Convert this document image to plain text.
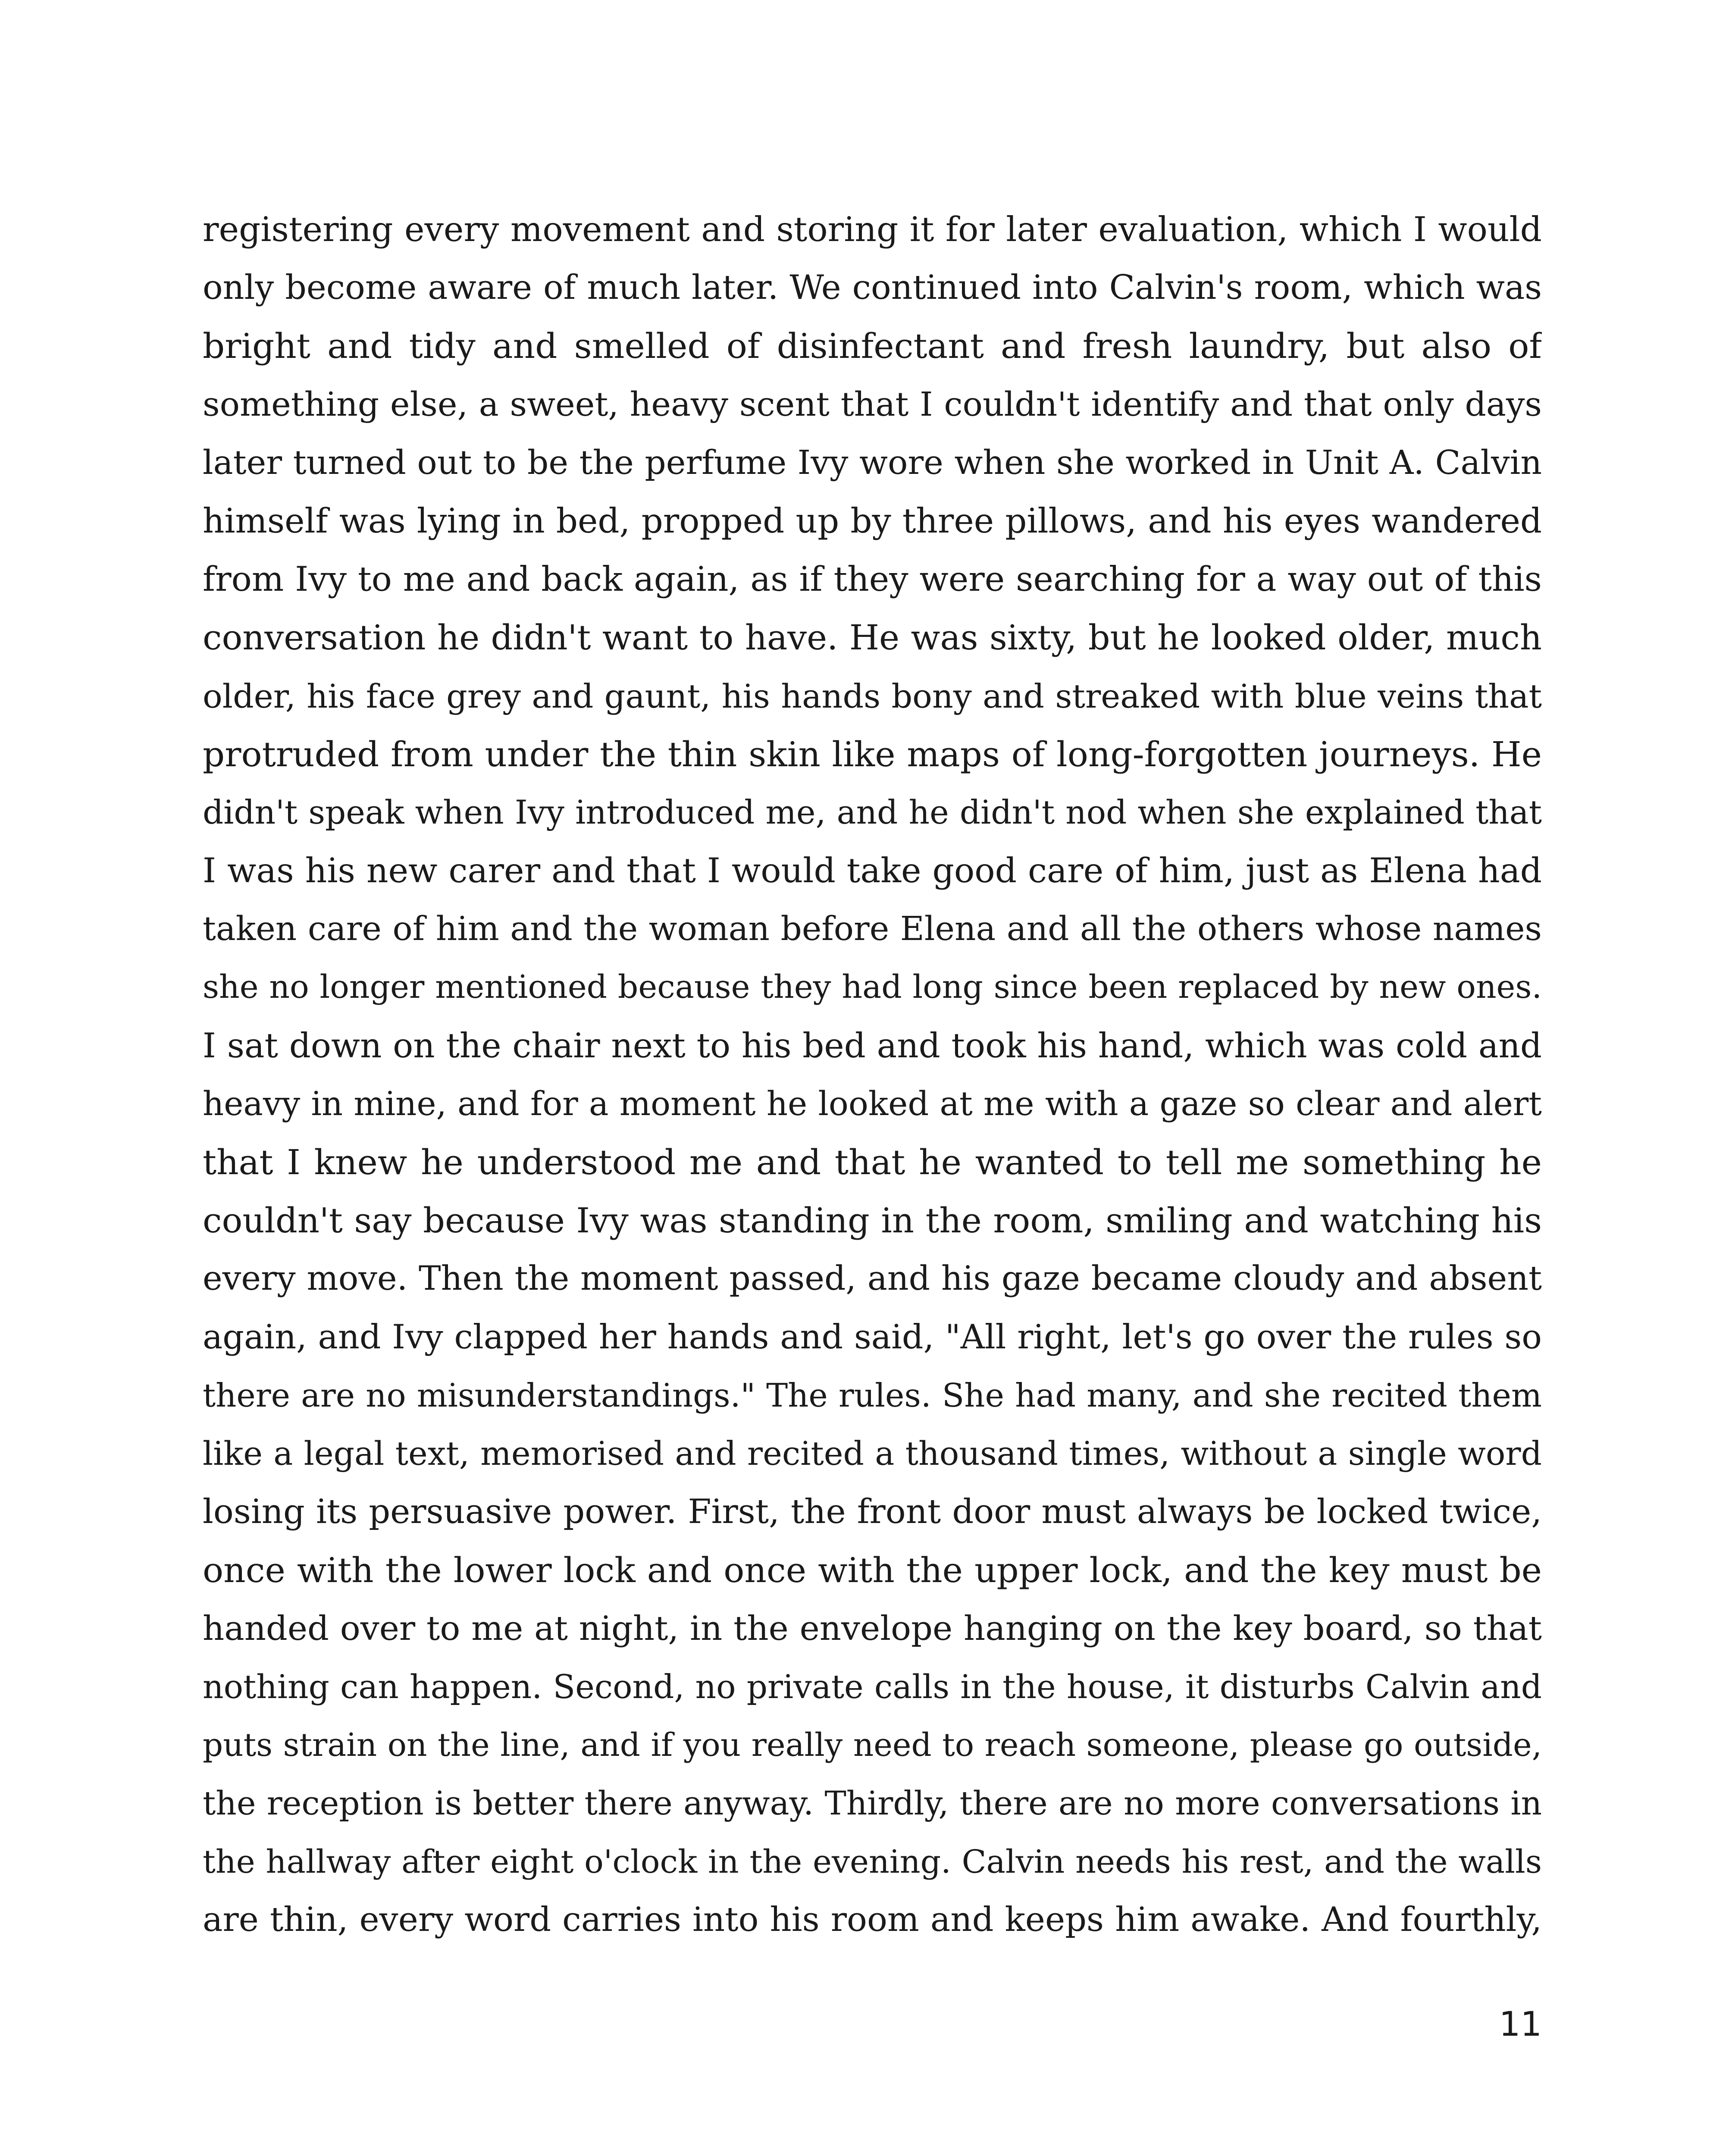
registering every movement and storing it for later evaluation, which I would
only become aware of much later. We continued into Calvin's room, which was
bright and tidy and smelled of disinfectant and fresh laundry, but also of
something else, a sweet, heavy scent that I couldn't identify and that only days
later turned out to be the perfume Ivy wore when she worked in Unit A. Calvin
himself was lying in bed, propped up by three pillows, and his eyes wandered
from Ivy to me and back again, as if they were searching for a way out of this
conversation he didn't want to have. He was sixty, but he looked older, much
older, his face grey and gaunt, his hands bony and streaked with blue veins that
protruded from under the thin skin like maps of long-forgotten journeys. He
didn't speak when Ivy introduced me, and he didn't nod when she explained that
I was his new carer and that I would take good care of him, just as Elena had
taken care of him and the woman before Elena and all the others whose names
she no longer mentioned because they had long since been replaced by new ones.
I sat down on the chair next to his bed and took his hand, which was cold and
heavy in mine, and for a moment he looked at me with a gaze so clear and alert
that I knew he understood me and that he wanted to tell me something he
couldn't say because Ivy was standing in the room, smiling and watching his
every move. Then the moment passed, and his gaze became cloudy and absent
again, and Ivy clapped her hands and said, "All right, let's go over the rules so
there are no misunderstandings." The rules. She had many, and she recited them
like a legal text, memorised and recited a thousand times, without a single word
losing its persuasive power. First, the front door must always be locked twice,
once with the lower lock and once with the upper lock, and the key must be
handed over to me at night, in the envelope hanging on the key board, so that
nothing can happen. Second, no private calls in the house, it disturbs Calvin and
puts strain on the line, and if you really need to reach someone, please go outside,
the reception is better there anyway. Thirdly, there are no more conversations in
the hallway after eight o'clock in the evening. Calvin needs his rest, and the walls
are thin, every word carries into his room and keeps him awake. And fourthly,
11
